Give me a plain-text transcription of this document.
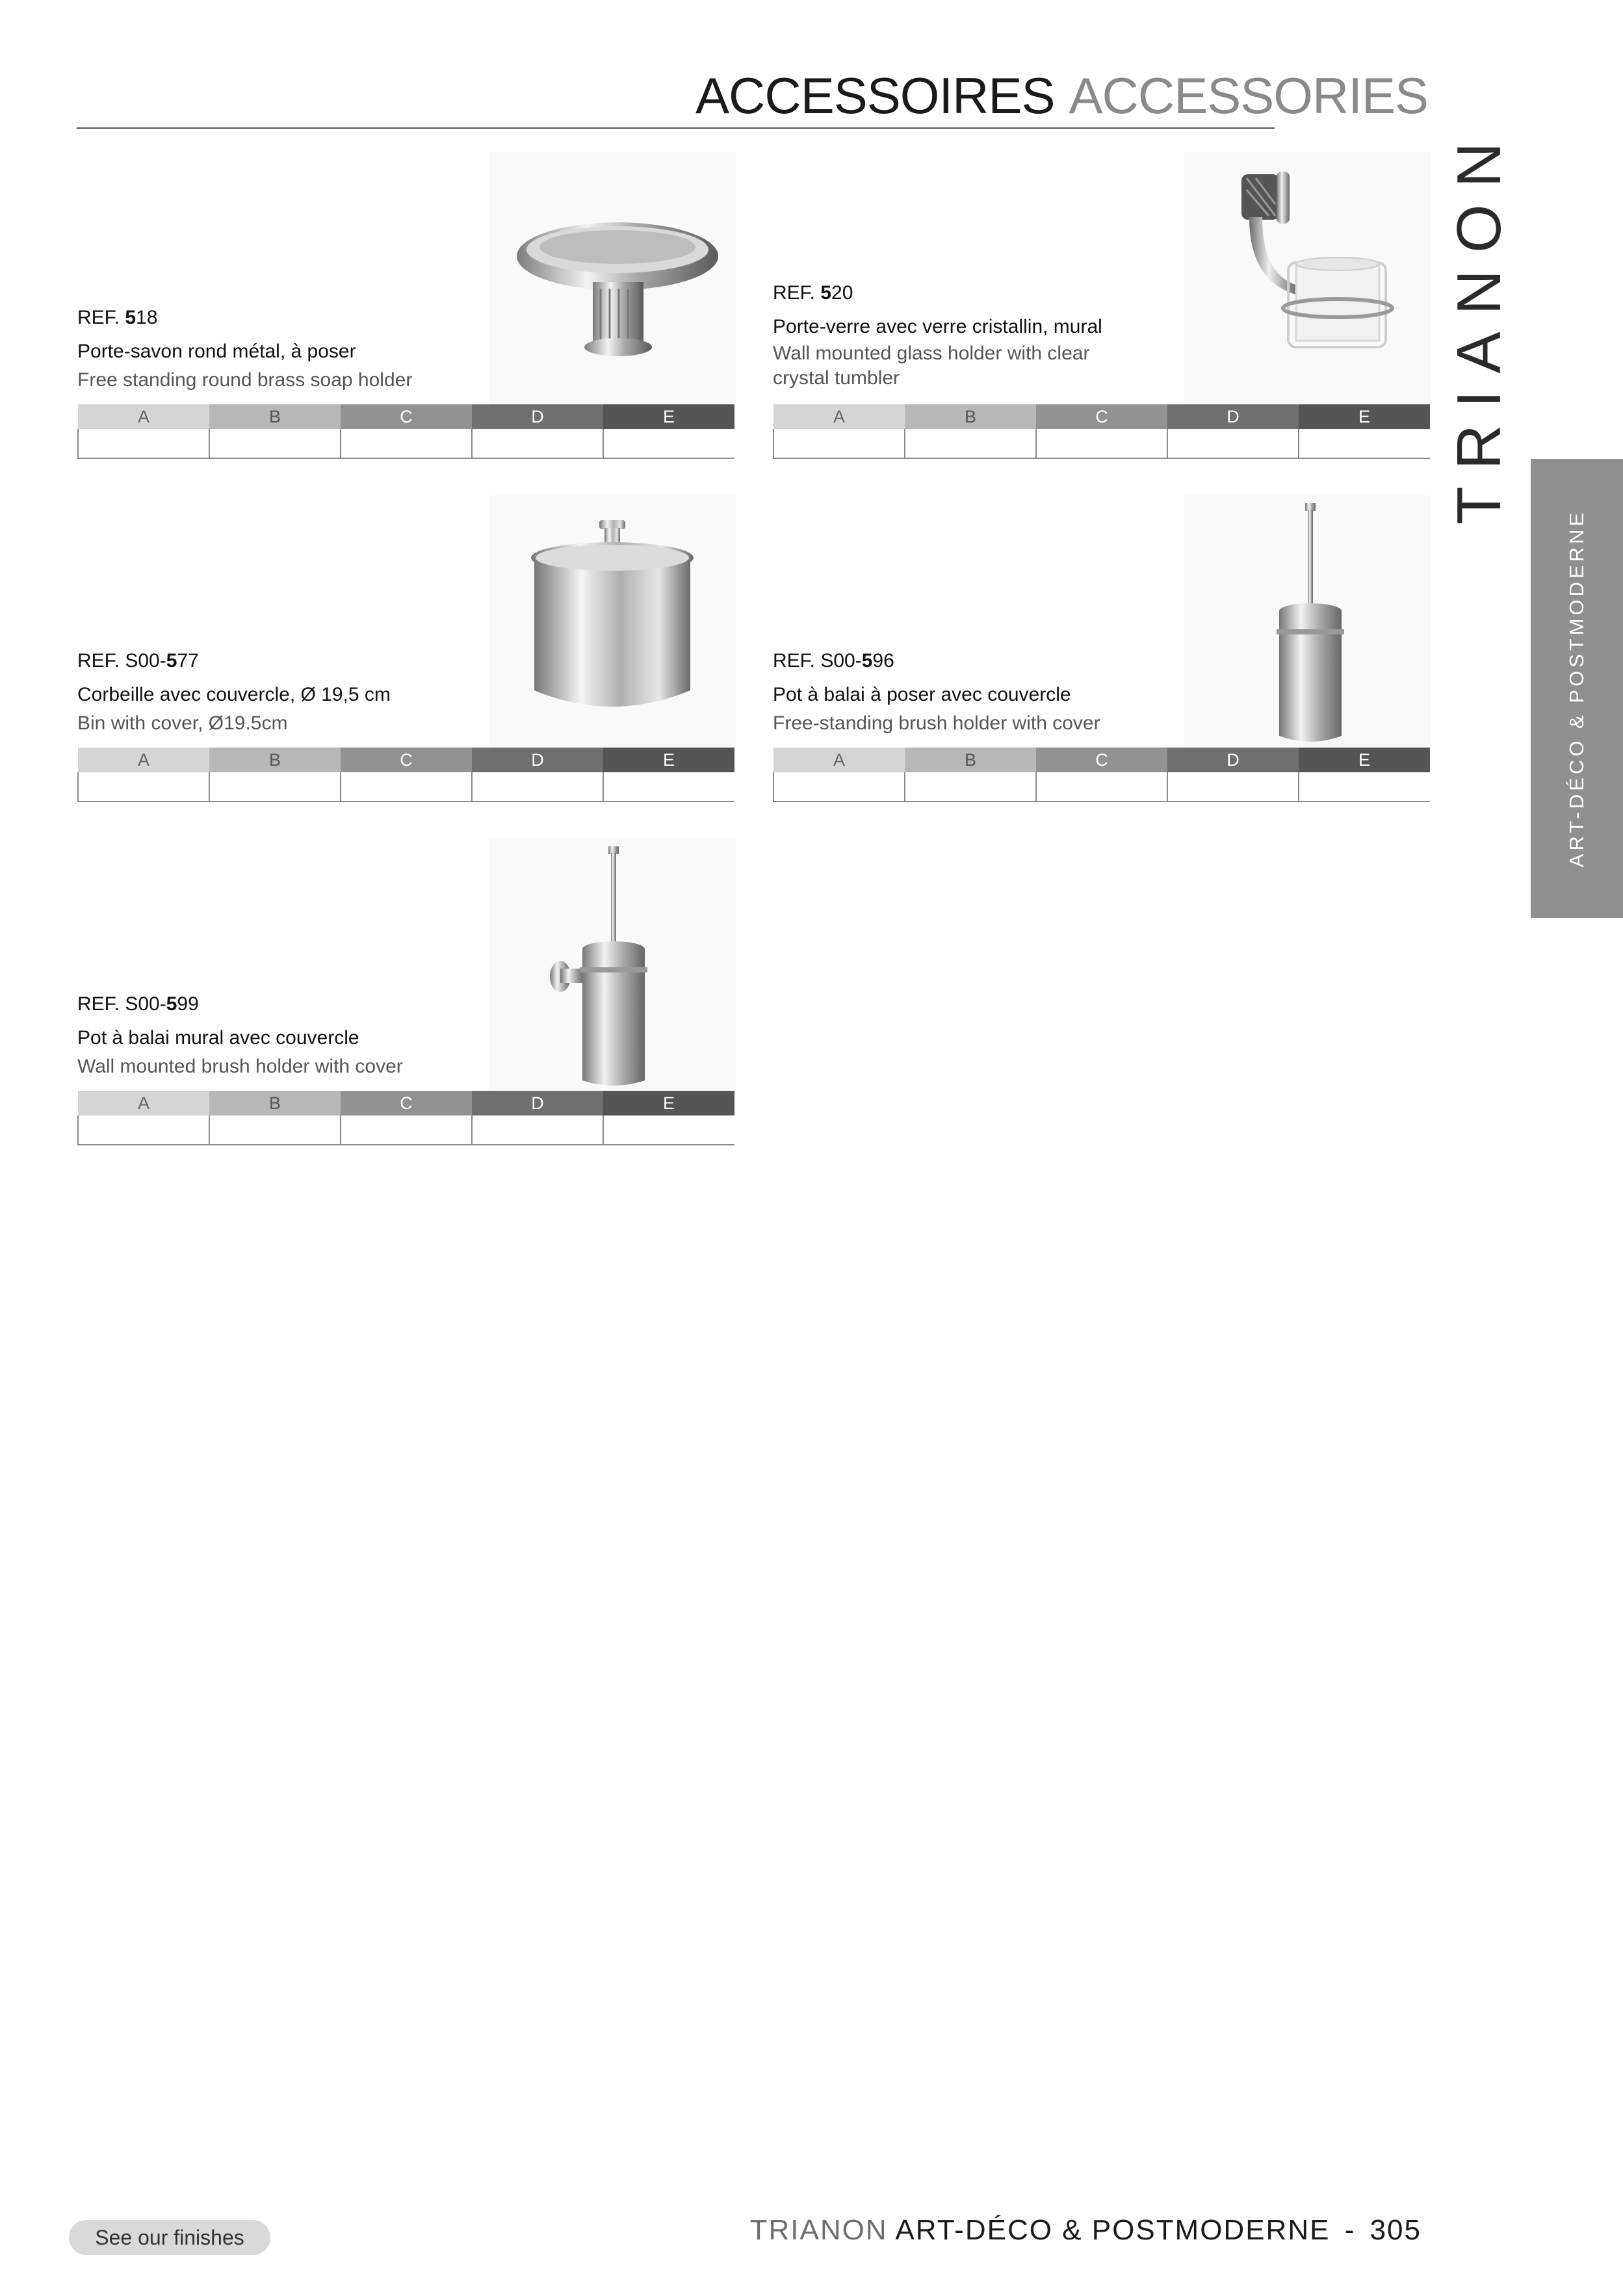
ACCESSOIRES ACCESSORIES
TRIANON
ART-DÉCO & POSTMODERNE
REF. 518
Porte-savon rond métal, à poser
Free standing round brass soap holder
A	B	C	D	E

REF. 520
Porte-verre avec verre cristallin, mural
Wall mounted glass holder with clear crystal tumbler
A	B	C	D	E

REF. S00-577
Corbeille avec couvercle, Ø 19,5 cm
Bin with cover, Ø19.5cm
A	B	C	D	E

REF. S00-596
Pot à balai à poser avec couvercle
Free-standing brush holder with cover
A	B	C	D	E

REF. S00-599
Pot à balai mural avec couvercle
Wall mounted brush holder with cover
A	B	C	D	E

See our finishes	TRIANON ART-DÉCO & POSTMODERNE - 305
